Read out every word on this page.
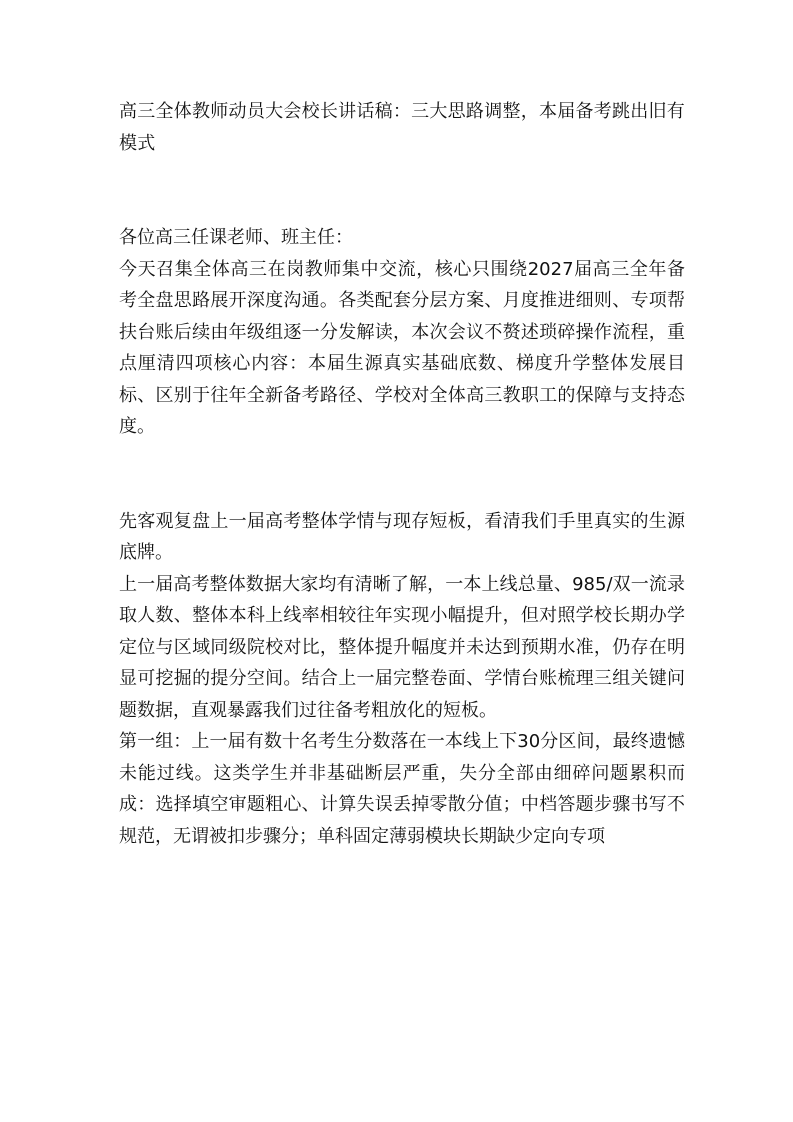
高三全体教师动员大会校长讲话稿：三大思路调整，本届备考跳出旧有模式

各位高三任课老师、班主任：

今天召集全体高三在岗教师集中交流，核心只围绕2027届高三全年备考全盘思路展开深度沟通。各类配套分层方案、月度推进细则、专项帮扶台账后续由年级组逐一分发解读，本次会议不赘述琐碎操作流程，重点厘清四项核心内容：本届生源真实基础底数、梯度升学整体发展目标、区别于往年全新备考路径、学校对全体高三教职工的保障与支持态度。

先客观复盘上一届高考整体学情与现存短板，看清我们手里真实的生源底牌。

上一届高考整体数据大家均有清晰了解，一本上线总量、985/双一流录取人数、整体本科上线率相较往年实现小幅提升，但对照学校长期办学定位与区域同级院校对比，整体提升幅度并未达到预期水准，仍存在明显可挖掘的提分空间。结合上一届完整卷面、学情台账梳理三组关键问题数据，直观暴露我们过往备考粗放化的短板。

第一组：上一届有数十名考生分数落在一本线上下30分区间，最终遗憾未能过线。这类学生并非基础断层严重，失分全部由细碎问题累积而成：选择填空审题粗心、计算失误丢掉零散分值；中档答题步骤书写不规范，无谓被扣步骤分；单科固定薄弱模块长期缺少定向专项
